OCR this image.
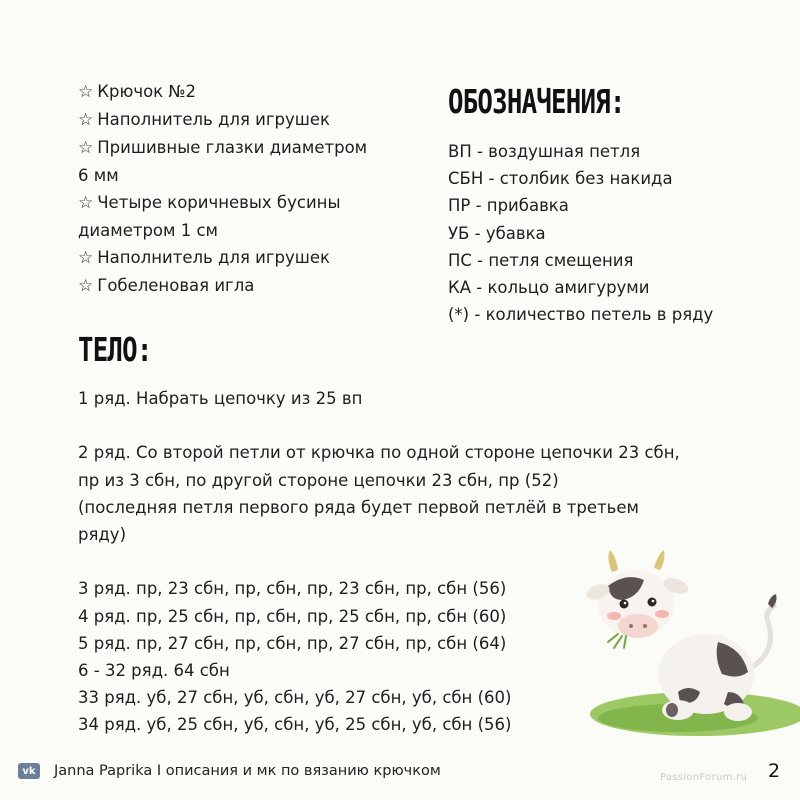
☆ Крючок №2
☆ Наполнитель для игрушек
☆ Пришивные глазки диаметром
6 мм
☆ Четыре коричневых бусины
диаметром 1 см
☆ Наполнитель для игрушек
☆ Гобеленовая игла
ОБОЗНАЧЕНИЯ:
ВП - воздушная петля
СБН - столбик без накида
ПР - прибавка
УБ - убавка
ПС - петля смещения
КА - кольцо амигуруми
(*) - количество петель в ряду
ТЕЛО:

1 ряд. Набрать цепочку из 25 вп

2 ряд. Со второй петли от крючка по одной стороне цепочки 23 сбн,

пр из 3 сбн, по другой стороне цепочки 23 сбн, пр (52)

(последняя петля первого ряда будет первой петлёй в третьем

ряду)

3 ряд. пр, 23 сбн, пр, сбн, пр, 23 сбн, пр, сбн (56)

4 ряд. пр, 25 сбн, пр, сбн, пр, 25 сбн, пр, сбн (60)

5 ряд. пр, 27 сбн, пр, сбн, пр, 27 сбн, пр, сбн (64)

6 - 32 ряд. 64 сбн

33 ряд. уб, 27 сбн, уб, сбн, уб, 27 сбн, уб, сбн (60)

34 ряд. уб, 25 сбн, уб, сбн, уб, 25 сбн, уб, сбн (56)

vk	Janna Paprika I описания и мк по вязанию крючком	PassionForum.ru 2
